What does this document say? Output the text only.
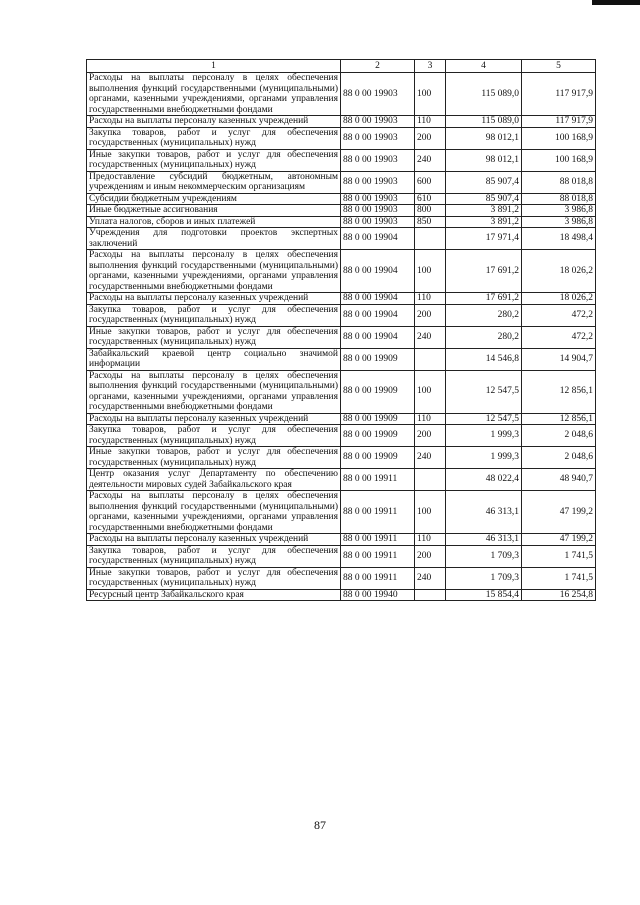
1	2	3	4	5
Расходы на выплаты персоналу в целях обеспечения выполнения функций государственными (муниципальными) органами, казенными учреждениями, органами управления государственными внебюджетными фондами	88 0 00 19903	100	115 089,0	117 917,9
Расходы на выплаты персоналу казенных учреждений	88 0 00 19903	110	115 089,0	117 917,9
Закупка товаров, работ и услуг для обеспечения государственных (муниципальных) нужд	88 0 00 19903	200	98 012,1	100 168,9
Иные закупки товаров, работ и услуг для обеспечения государственных (муниципальных) нужд	88 0 00 19903	240	98 012,1	100 168,9
Предоставление субсидий бюджетным, автономным учреждениям и иным некоммерческим организациям	88 0 00 19903	600	85 907,4	88 018,8
Субсидии бюджетным учреждениям	88 0 00 19903	610	85 907,4	88 018,8
Иные бюджетные ассигнования	88 0 00 19903	800	3 891,2	3 986,8
Уплата налогов, сборов и иных платежей	88 0 00 19903	850	3 891,2	3 986,8
Учреждения для подготовки проектов экспертных заключений	88 0 00 19904		17 971,4	18 498,4
Расходы на выплаты персоналу в целях обеспечения выполнения функций государственными (муниципальными) органами, казенными учреждениями, органами управления государственными внебюджетными фондами	88 0 00 19904	100	17 691,2	18 026,2
Расходы на выплаты персоналу казенных учреждений	88 0 00 19904	110	17 691,2	18 026,2
Закупка товаров, работ и услуг для обеспечения государственных (муниципальных) нужд	88 0 00 19904	200	280,2	472,2
Иные закупки товаров, работ и услуг для обеспечения государственных (муниципальных) нужд	88 0 00 19904	240	280,2	472,2
Забайкальский краевой центр социально значимой информации	88 0 00 19909		14 546,8	14 904,7
Расходы на выплаты персоналу в целях обеспечения выполнения функций государственными (муниципальными) органами, казенными учреждениями, органами управления государственными внебюджетными фондами	88 0 00 19909	100	12 547,5	12 856,1
Расходы на выплаты персоналу казенных учреждений	88 0 00 19909	110	12 547,5	12 856,1
Закупка товаров, работ и услуг для обеспечения государственных (муниципальных) нужд	88 0 00 19909	200	1 999,3	2 048,6
Иные закупки товаров, работ и услуг для обеспечения государственных (муниципальных) нужд	88 0 00 19909	240	1 999,3	2 048,6
Центр оказания услуг Департаменту по обеспечению деятельности мировых судей Забайкальского края	88 0 00 19911		48 022,4	48 940,7
Расходы на выплаты персоналу в целях обеспечения выполнения функций государственными (муниципальными) органами, казенными учреждениями, органами управления государственными внебюджетными фондами	88 0 00 19911	100	46 313,1	47 199,2
Расходы на выплаты персоналу казенных учреждений	88 0 00 19911	110	46 313,1	47 199,2
Закупка товаров, работ и услуг для обеспечения государственных (муниципальных) нужд	88 0 00 19911	200	1 709,3	1 741,5
Иные закупки товаров, работ и услуг для обеспечения государственных (муниципальных) нужд	88 0 00 19911	240	1 709,3	1 741,5
Ресурсный центр Забайкальского края	88 0 00 19940		15 854,4	16 254,8
87
